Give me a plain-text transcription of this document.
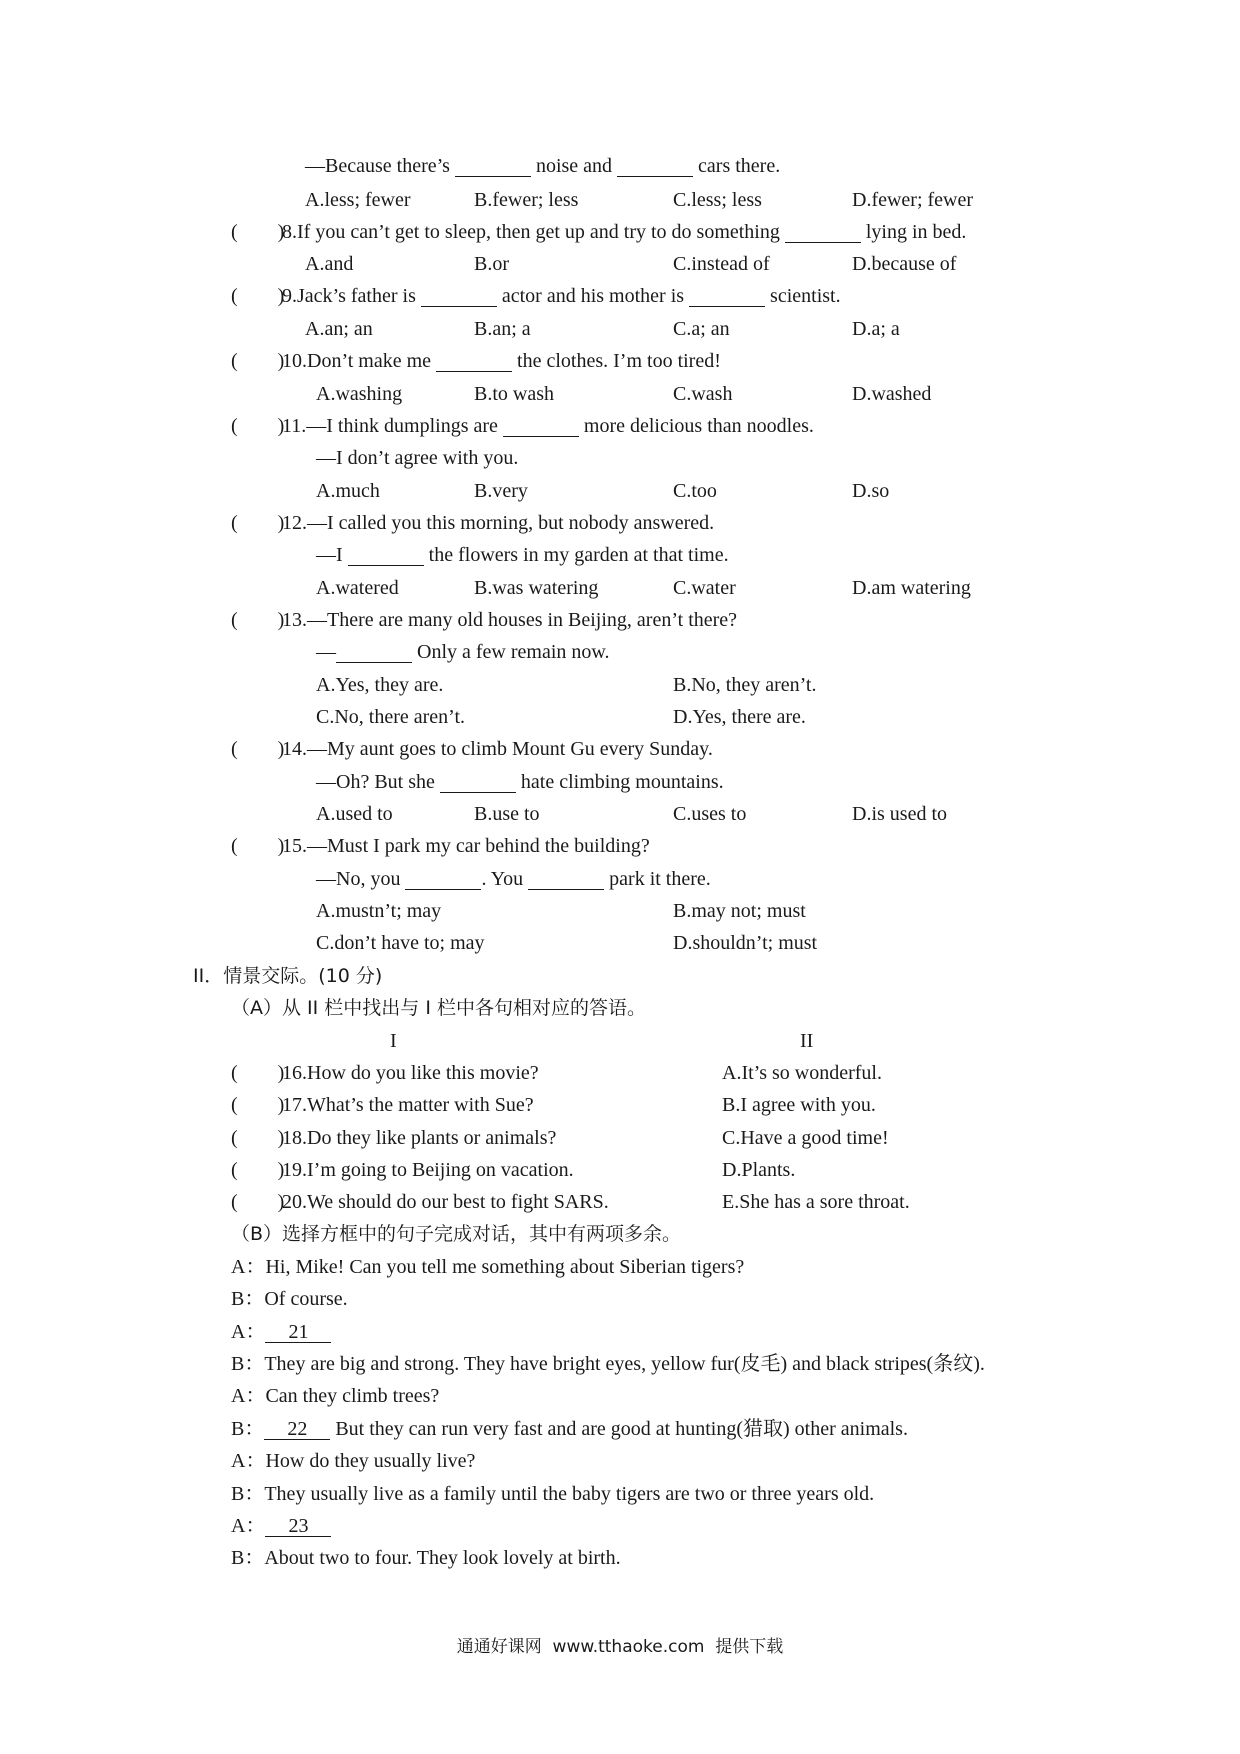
—Because there’s	noise and	cars there.
A.less; fewer	B.fewer; less	C.less; less	D.fewer; fewer
(        )
8.If you can’t get to sleep, then get up and try to do something	lying in bed.
A.and	B.or	C.instead of	D.because of
(        )
9.Jack’s father is	actor and his mother is	scientist.
A.an; an	B.an; a	C.a; an	D.a; a
(        )
10.Don’t make me	the clothes. I’m too tired!
A.washing	B.to wash	C.wash	D.washed
(        )
11.—I think dumplings are	more delicious than noodles.
—I don’t agree with you.
A.much	B.very	C.too	D.so
(        )
12.—I called you this morning, but nobody answered.
—I	the flowers in my garden at that time.
A.watered	B.was watering	C.water	D.am watering
(        )
13.—There are many old houses in Beijing, aren’t there?
—	Only a few remain now.
A.Yes, they are.	B.No, they aren’t.
C.No, there aren’t.	D.Yes, there are.
(        )
14.—My aunt goes to climb Mount Gu every Sunday.
—Oh? But she	hate climbing mountains.
A.used to	B.use to	C.uses to	D.is used to
(        )
15.—Must I park my car behind the building?
—No, you	. You	park it there.
A.mustn’t; may	B.may not; must
C.don’t have to; may	D.shouldn’t; must
II．情景交际。(10 分)
（A）从 II 栏中找出与 I 栏中各句相对应的答语。
I	II
(        )
16.How do you like this movie?	A.It’s so wonderful.
(        )
17.What’s the matter with Sue?	B.I agree with you.
(        )
18.Do they like plants or animals?	C.Have a good time!
(        )
19.I’m going to Beijing on vacation.	D.Plants.
(        )
20.We should do our best to fight SARS.	E.She has a sore throat.
（B）选择方框中的句子完成对话，其中有两项多余。
A：Hi, Mike! Can you tell me something about Siberian tigers?
B：Of course.
A： 21
B：They are big and strong. They have bright eyes, yellow fur(皮毛) and black stripes(条纹).
A：Can they climb trees?
B： 22 But they can run very fast and are good at hunting(猎取) other animals.
A：How do they usually live?
B：They usually live as a family until the baby tigers are two or three years old.
A： 23
B：About two to four. They look lovely at birth.
通通好课网  www.tthaoke.com  提供下载
